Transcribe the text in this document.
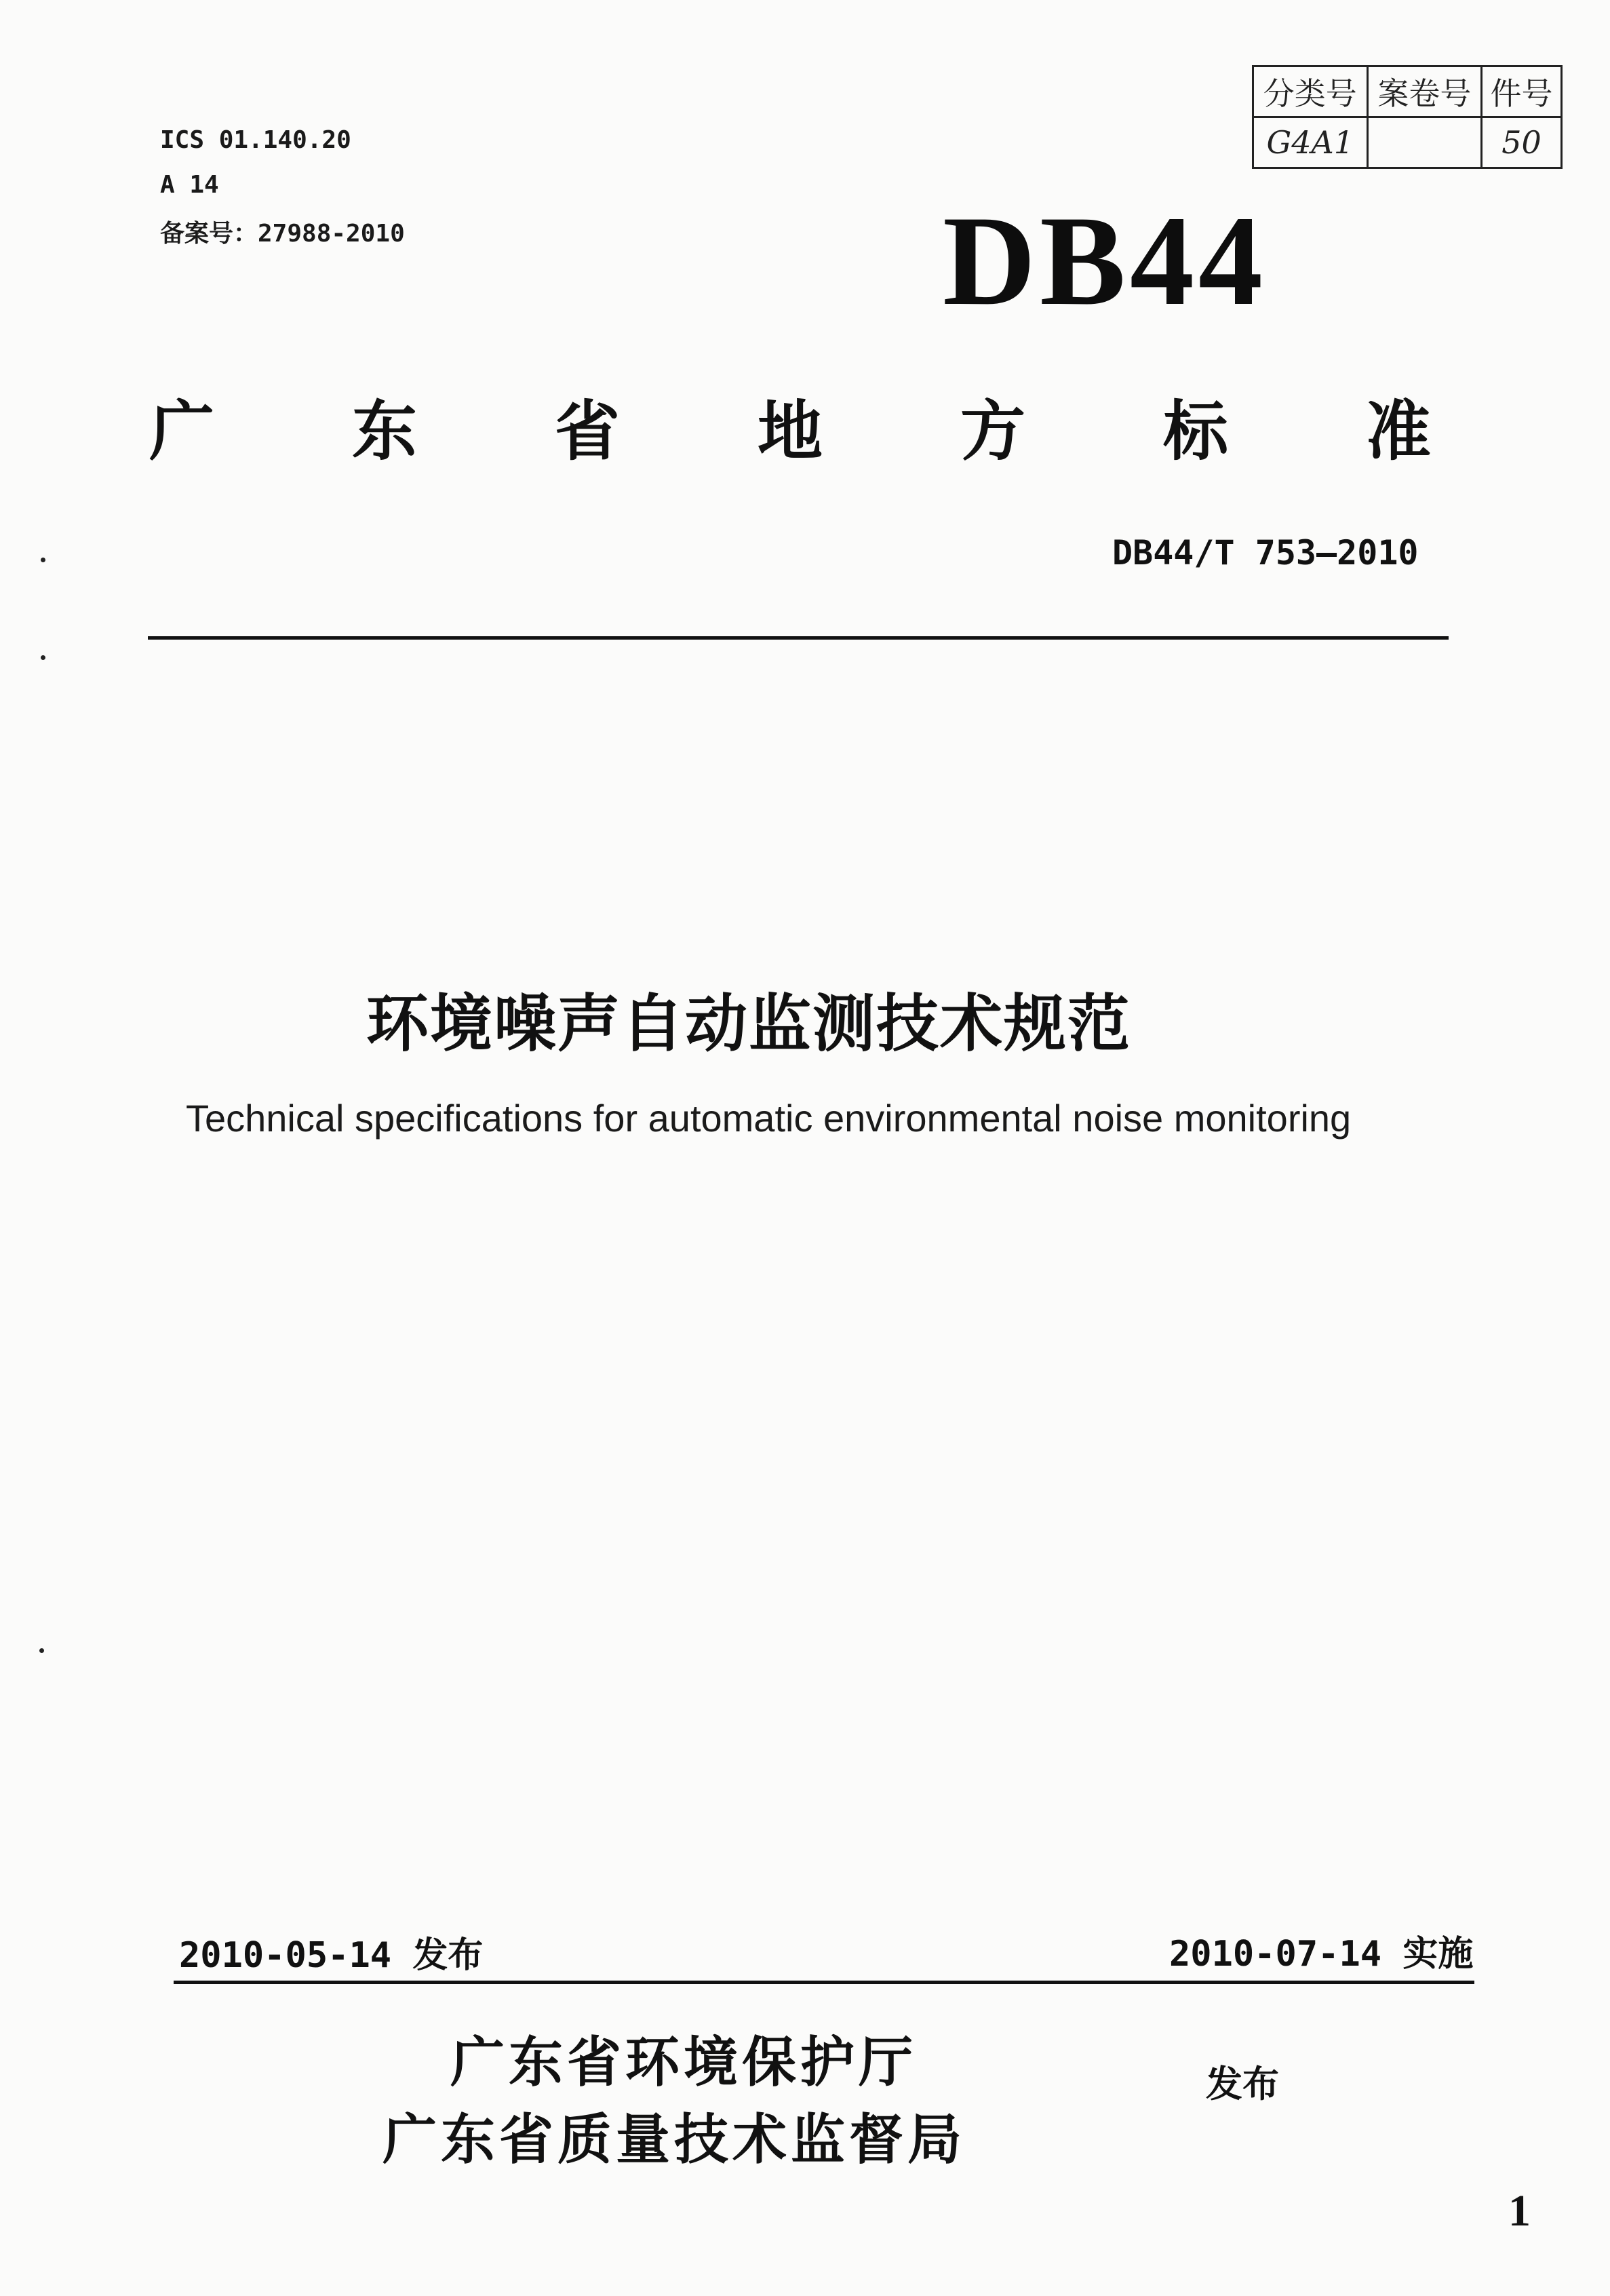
ICS 01.140.20
A 14
备案号：27988-2010
分类号	案卷号	件号
G4A1		50
DB44
广 东 省 地 方 标 准
DB44/T 753—2010
环境噪声自动监测技术规范
Technical specifications for automatic environmental noise monitoring
2010-05-14 发布	2010-07-14 实施
广东省环境保护厅
广东省质量技术监督局
发布
1
